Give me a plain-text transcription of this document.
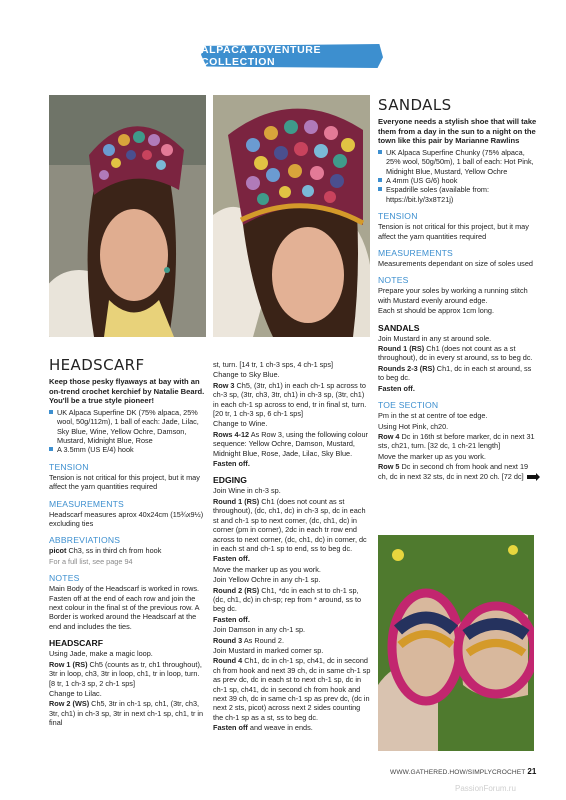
ALPACA ADVENTURE COLLECTION
SANDALS
Everyone needs a stylish shoe that will take them from a day in the sun to a night on the town like this pair by Marianne Rawlins
UK Alpaca Superfine Chunky (75% alpaca, 25% wool, 50g/50m), 1 ball of each: Hot Pink, Midnight Blue, Mustard, Yellow Ochre
A 4mm (US G/6) hook
Espadrille soles (available from: https://bit.ly/3x8T21j)
TENSION
Tension is not critical for this project, but it may affect the yarn quantities required
MEASUREMENTS
Measurements dependant on size of soles used
NOTES
Prepare your soles by working a running stitch with Mustard evenly around edge.
Each st should be approx 1cm long.
SANDALS
Join Mustard in any st around sole.
Round 1 (RS) Ch1 (does not count as a st throughout), dc in every st around, ss to beg dc.
Rounds 2-3 (RS) Ch1, dc in each st around, ss to beg dc.
Fasten off.
TOE SECTION
Pm in the st at centre of toe edge.
Using Hot Pink, ch20.
Row 4 Dc in 16th st before marker, dc in next 31 sts, ch21, turn. [32 dc, 1 ch-21 length]
Move the marker up as you work.
Row 5 Dc in second ch from hook and next 19 ch, dc in next 32 sts, dc in next 20 ch. [72 dc]
HEADSCARF
Keep those pesky flyaways at bay with an on-trend crochet kerchief by Natalie Beard. You'll be a true style pioneer!
UK Alpaca Superfine DK (75% alpaca, 25% wool, 50g/112m), 1 ball of each: Jade, Lilac, Sky Blue, Wine, Yellow Ochre, Damson, Mustard, Midnight Blue, Rose
A 3.5mm (US E/4) hook
TENSION
Tension is not critical for this project, but it may affect the yarn quantities required
MEASUREMENTS
Headscarf measures aprox 40x24cm (15¾x9½) excluding ties
ABBREVIATIONS
picot Ch3, ss in third ch from hook
For a full list, see page 94
NOTES
Main Body of the Headscarf is worked in rows. Fasten off at the end of each row and join the next colour in the final st of the previous row. A Border is worked around the Headscarf at the end and includes the ties.
HEADSCARF
Using Jade, make a magic loop.
Row 1 (RS) Ch5 (counts as tr, ch1 throughout), 3tr in loop, ch3, 3tr in loop, ch1, tr in loop, turn. [8 tr, 1 ch-3 sp, 2 ch-1 sps]
Change to Lilac.
Row 2 (WS) Ch5, 3tr in ch-1 sp, ch1, (3tr, ch3, 3tr, ch1) in ch-3 sp, 3tr in next ch-1 sp, ch1, tr in final
st, turn. [14 tr, 1 ch-3 sps, 4 ch-1 sps]
Change to Sky Blue.
Row 3 Ch5, (3tr, ch1) in each ch-1 sp across to ch-3 sp, (3tr, ch3, 3tr, ch1) in ch-3 sp, (3tr, ch1) in each ch-1 sp across to end, tr in final st, turn. [20 tr, 1 ch-3 sp, 6 ch-1 sps]
Change to Wine.
Rows 4-12 As Row 3, using the following colour sequence: Yellow Ochre, Damson, Mustard, Midnight Blue, Rose, Jade, Lilac, Sky Blue.
Fasten off.
EDGING
Join Wine in ch-3 sp.
Round 1 (RS) Ch1 (does not count as st throughout), (dc, ch1, dc) in ch-3 sp, dc in each st and ch-1 sp to next corner, (dc, ch1, dc) in corner (pm in corner), 2dc in each tr row end across to next corner, (dc, ch1, dc) in corner, dc in each st and ch-1 sp to end, ss to beg dc.
Fasten off.
Move the marker up as you work.
Join Yellow Ochre in any ch-1 sp.
Round 2 (RS) Ch1, *dc in each st to ch-1 sp, (dc, ch1, dc) in ch-sp; rep from * around, ss to beg dc.
Fasten off.
Join Damson in any ch-1 sp.
Round 3 As Round 2.
Join Mustard in marked corner sp.
Round 4 Ch1, dc in ch-1 sp, ch41, dc in second ch from hook and next 39 ch, dc in same ch-1 sp as prev dc, dc in each st to next ch-1 sp, dc in ch-1 sp, ch41, dc in second ch from hook and next 39 ch, dc in same ch-1 sp as prev dc, (dc in next 2 sts, picot) across next 2 sides counting the ch-1 sp as a st, ss to beg dc.
Fasten off and weave in ends.
WWW.GATHERED.HOW/SIMPLYCROCHET 21
PassionForum.ru
